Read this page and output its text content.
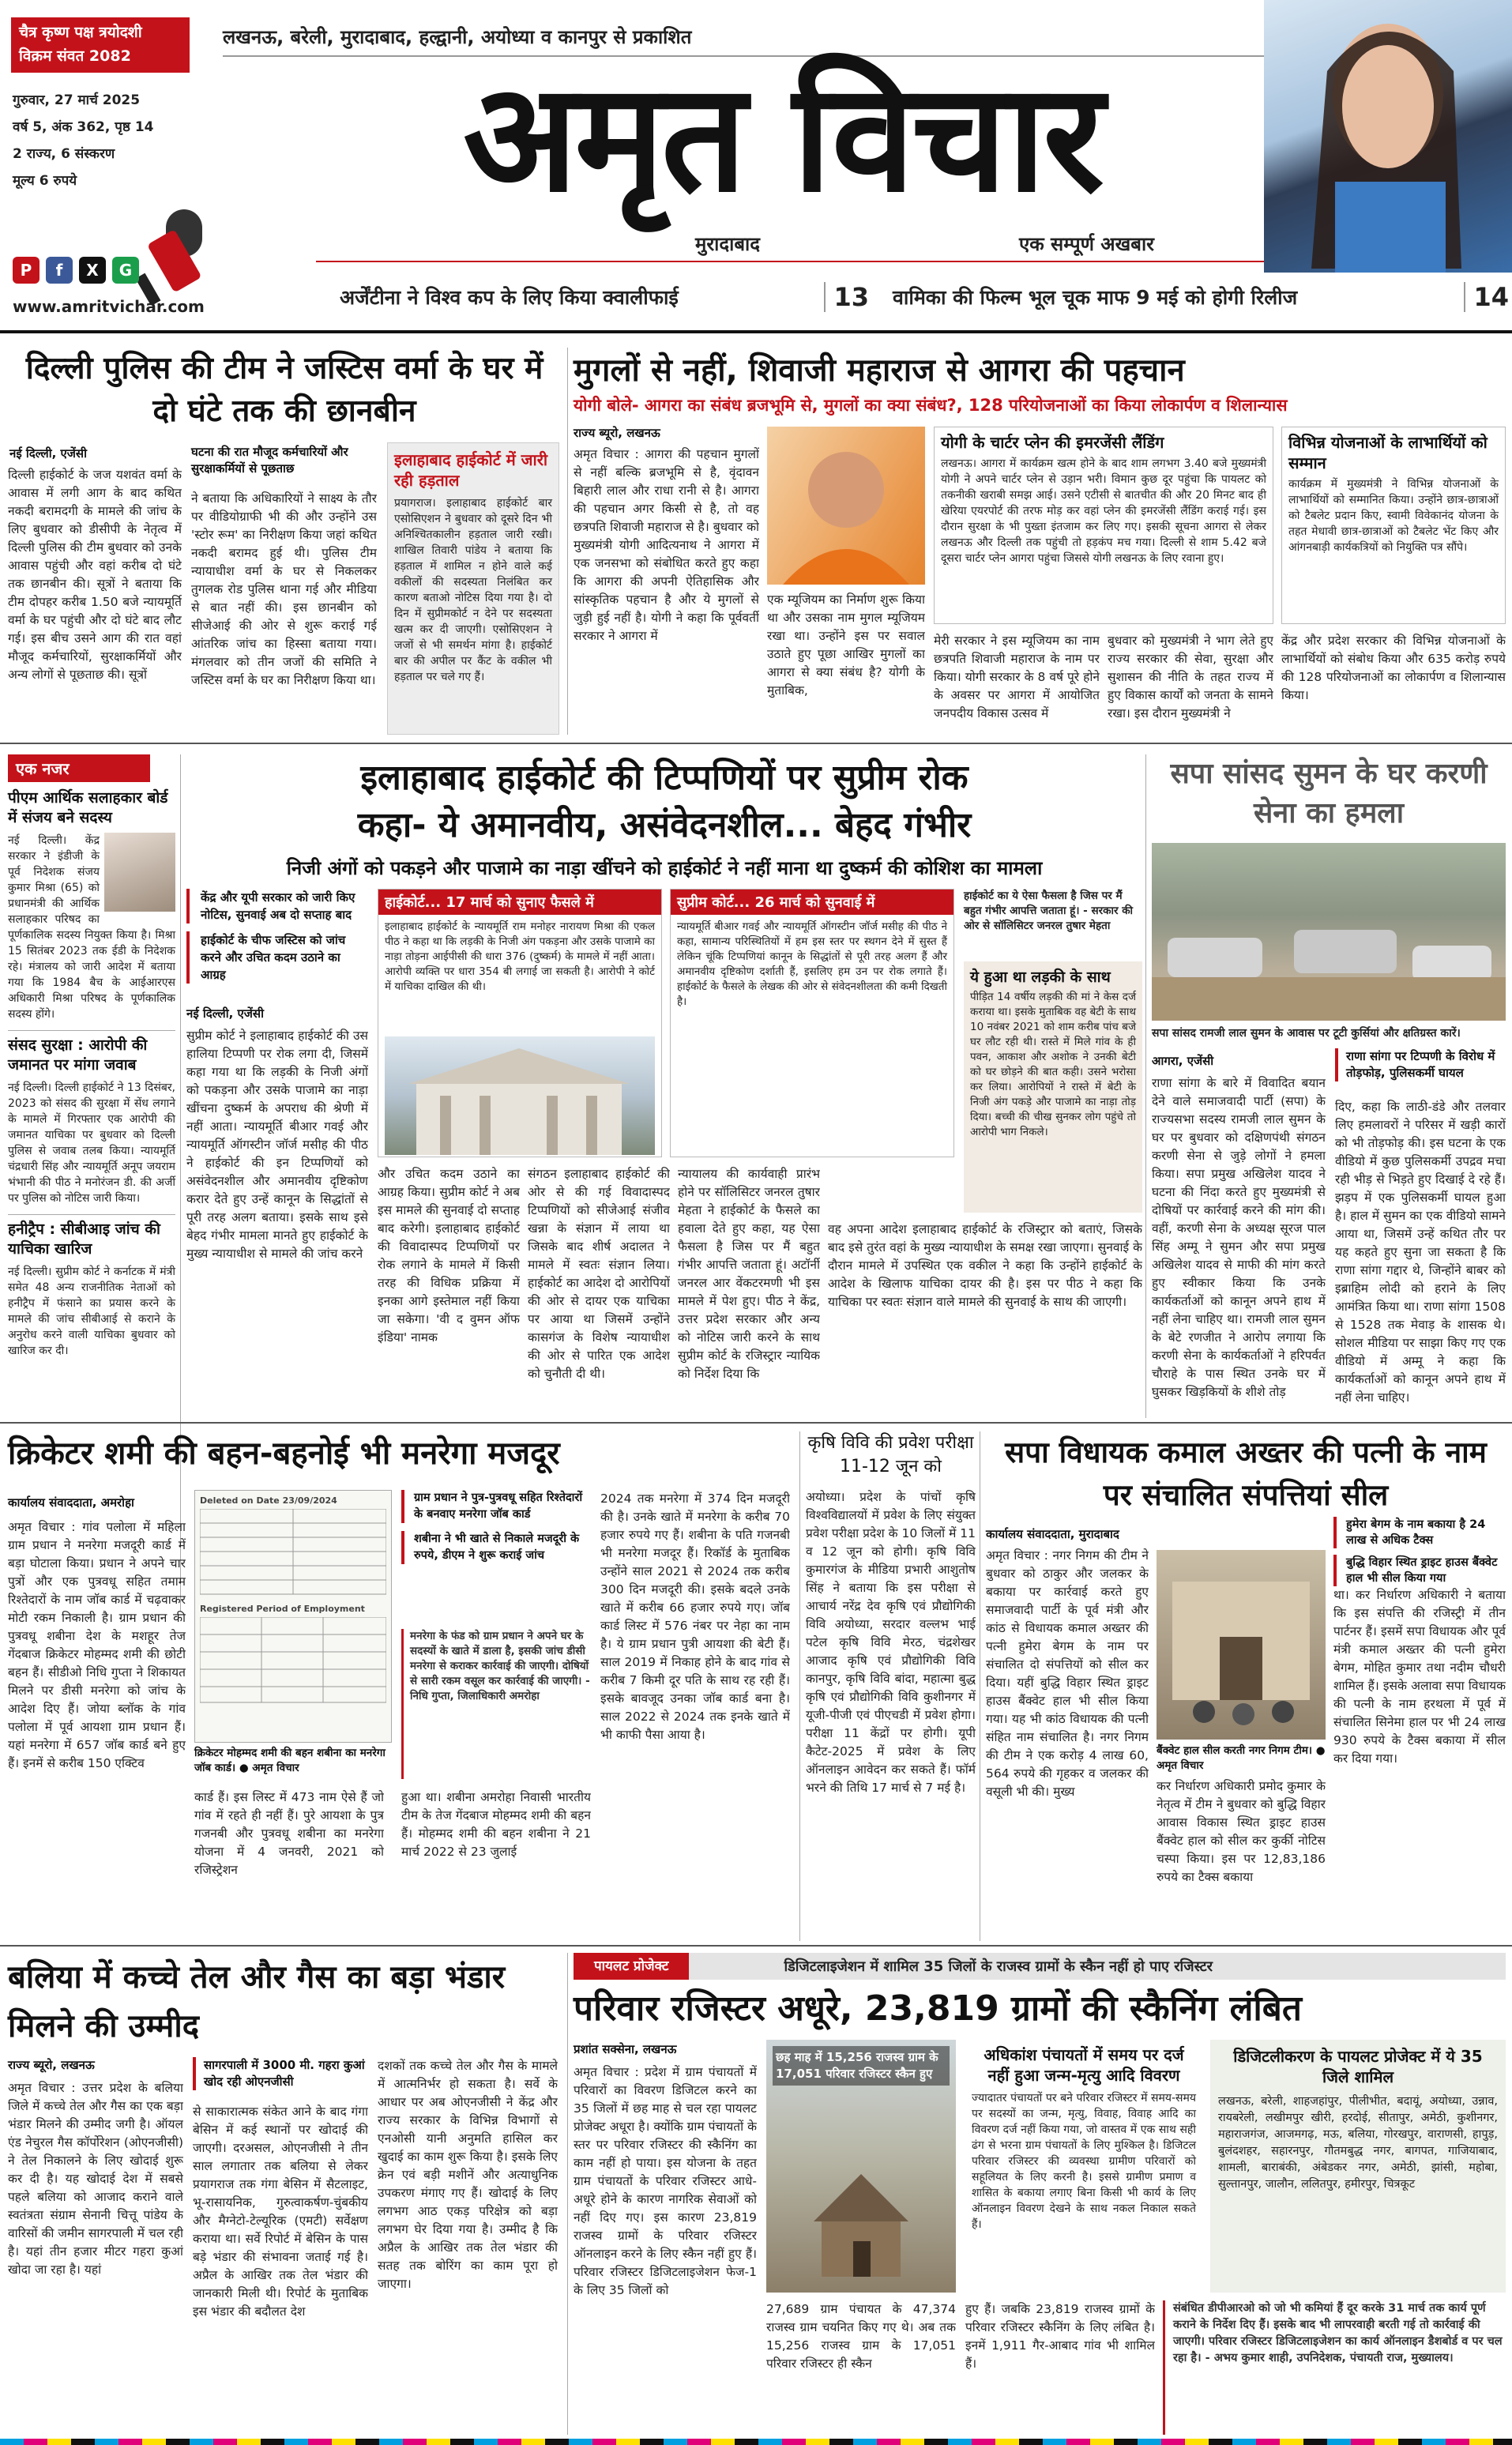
चैत्र कृष्ण पक्ष त्रयोदशी
विक्रम संवत 2082
गुरुवार, 27 मार्च 2025
वर्ष 5, अंक 362, पृष्ठ 14
2 राज्य, 6 संस्करण
मूल्य 6 रुपये
P	f	X	G
www.amritvichar.com
लखनऊ, बरेली, मुरादाबाद, हल्द्वानी, अयोध्या व कानपुर से प्रकाशित
अमृत विचार
मुरादाबाद	एक सम्पूर्ण अखबार
अर्जेंटीना ने विश्व कप के लिए किया क्वालीफाई	13 वामिका की फिल्म भूल चूक माफ 9 मई को होगी रिलीज	14
दिल्ली पुलिस की टीम ने जस्टिस वर्मा के घर में दो घंटे तक की छानबीन
नई दिल्ली, एजेंसी

दिल्ली हाईकोर्ट के जज यशवंत वर्मा के आवास में लगी आग के बाद कथित नकदी बरामदगी के मामले की जांच के लिए बुधवार को डीसीपी के नेतृत्व में दिल्ली पुलिस की टीम बुधवार को उनके आवास पहुंची और वहां करीब दो घंटे तक छानबीन की। सूत्रों ने बताया कि टीम दोपहर करीब 1.50 बजे न्यायमूर्ति वर्मा के घर पहुंची और दो घंटे बाद लौट गई। इस बीच उसने आग की रात वहां मौजूद कर्मचारियों, सुरक्षाकर्मियों और अन्य लोगों से पूछताछ की। सूत्रों

घटना की रात मौजूद कर्मचारियों और सुरक्षाकर्मियों से पूछताछ

ने बताया कि अधिकारियों ने साक्ष्य के तौर पर वीडियोग्राफी भी की और उन्होंने उस 'स्टोर रूम' का निरीक्षण किया जहां कथित नकदी बरामद हुई थी। पुलिस टीम न्यायाधीश वर्मा के घर से निकलकर तुगलक रोड पुलिस थाना गई और मीडिया से बात नहीं की। इस छानबीन को सीजेआई की ओर से शुरू कराई गई आंतरिक जांच का हिस्सा बताया गया। मंगलवार को तीन जजों की समिति ने जस्टिस वर्मा के घर का निरीक्षण किया था।

इलाहाबाद हाईकोर्ट में जारी रही हड़ताल
प्रयागराज। इलाहाबाद हाईकोर्ट बार एसोसिएशन ने बुधवार को दूसरे दिन भी अनिश्चितकालीन हड़ताल जारी रखी। शाखिल तिवारी पांडेय ने बताया कि हड़ताल में शामिल न होने वाले कई वकीलों की सदस्यता निलंबित कर कारण बताओ नोटिस दिया गया है। दो दिन में सुप्रीमकोर्ट न देने पर सदस्यता खत्म कर दी जाएगी। एसोसिएशन ने जजों से भी समर्थन मांगा है। हाईकोर्ट बार की अपील पर कैंट के वकील भी हड़ताल पर चले गए हैं।
मुगलों से नहीं, शिवाजी महाराज से आगरा की पहचान
योगी बोले- आगरा का संबंध ब्रजभूमि से, मुगलों का क्या संबंध?, 128 परियोजनाओं का किया लोकार्पण व शिलान्यास
राज्य ब्यूरो, लखनऊ

अमृत विचार : आगरा की पहचान मुगलों से नहीं बल्कि ब्रजभूमि से है, वृंदावन बिहारी लाल और राधा रानी से है। आगरा की पहचान अगर किसी से है, तो वह छत्रपति शिवाजी महाराज से है। बुधवार को मुख्यमंत्री योगी आदित्यनाथ ने आगरा में एक जनसभा को संबोधित करते हुए कहा कि आगरा की अपनी ऐतिहासिक और सांस्कृतिक पहचान है और ये मुगलों से जुड़ी हुई नहीं है। योगी ने कहा कि पूर्ववर्ती सरकार ने आगरा में

एक म्यूजियम का निर्माण शुरू किया था और उसका नाम मुगल म्यूजियम रखा था। उन्होंने इस पर सवाल उठाते हुए पूछा आखिर मुगलों का आगरा से क्या संबंध है? योगी के मुताबिक,

योगी के चार्टर प्लेन की इमरजेंसी लैंडिंग
लखनऊ। आगरा में कार्यक्रम खत्म होने के बाद शाम लगभग 3.40 बजे मुख्यमंत्री योगी ने अपने चार्टर प्लेन से उड़ान भरी। विमान कुछ दूर पहुंचा कि पायलट को तकनीकी खराबी समझ आई। उसने एटीसी से बातचीत की और 20 मिनट बाद ही खेरिया एयरपोर्ट की तरफ मोड़ कर वहां प्लेन की इमरजेंसी लैंडिंग कराई गई। इस दौरान सुरक्षा के भी पुख्ता इंतजाम कर लिए गए। इसकी सूचना आगरा से लेकर लखनऊ और दिल्ली तक पहुंची तो हड़कंप मच गया। दिल्ली से शाम 5.42 बजे दूसरा चार्टर प्लेन आगरा पहुंचा जिससे योगी लखनऊ के लिए रवाना हुए।

मेरी सरकार ने इस म्यूजियम का नाम छत्रपति शिवाजी महाराज के नाम पर किया। योगी सरकार के 8 वर्ष पूरे होने के अवसर पर आगरा में आयोजित जनपदीय विकास उत्सव में

बुधवार को मुख्यमंत्री ने भाग लेते हुए राज्य सरकार की सेवा, सुरक्षा और सुशासन की नीति के तहत राज्य में हुए विकास कार्यों को जनता के सामने रखा। इस दौरान मुख्यमंत्री ने

विभिन्न योजनाओं के लाभार्थियों को सम्मान
कार्यक्रम में मुख्यमंत्री ने विभिन्न योजनाओं के लाभार्थियों को सम्मानित किया। उन्होंने छात्र-छात्राओं को टैबलेट प्रदान किए, स्वामी विवेकानंद योजना के तहत मेधावी छात्र-छात्राओं को टैबलेट भेंट किए और आंगनबाड़ी कार्यकत्रियों को नियुक्ति पत्र सौंपे।

केंद्र और प्रदेश सरकार की विभिन्न योजनाओं के लाभार्थियों को संबोध किया और 635 करोड़ रुपये की 128 परियोजनाओं का लोकार्पण व शिलान्यास किया।

एक नजर
पीएम आर्थिक सलाहकार बोर्ड में संजय बने सदस्य
नई दिल्ली। केंद्र सरकार ने इंडीजी के पूर्व निदेशक संजय कुमार मिश्रा (65) को प्रधानमंत्री की आर्थिक सलाहकार परिषद का पूर्णकालिक सदस्य नियुक्त किया है। मिश्रा 15 सितंबर 2023 तक ईडी के निदेशक रहे। मंत्रालय को जारी आदेश में बताया गया कि 1984 बैच के आईआरएस अधिकारी मिश्रा परिषद के पूर्णकालिक सदस्य होंगे।
संसद सुरक्षा : आरोपी की जमानत पर मांगा जवाब
नई दिल्ली। दिल्ली हाईकोर्ट ने 13 दिसंबर, 2023 को संसद की सुरक्षा में सेंध लगाने के मामले में गिरफ्तार एक आरोपी की जमानत याचिका पर बुधवार को दिल्ली पुलिस से जवाब तलब किया। न्यायमूर्ति चंद्रधारी सिंह और न्यायमूर्ति अनूप जयराम भंभानी की पीठ ने मनोरंजन डी. की अर्जी पर पुलिस को नोटिस जारी किया।
हनीट्रैप : सीबीआइ जांच की याचिका खारिज
नई दिल्ली। सुप्रीम कोर्ट ने कर्नाटक में मंत्री समेत 48 अन्य राजनीतिक नेताओं को हनीट्रैप में फंसाने का प्रयास करने के मामले की जांच सीबीआई से कराने के अनुरोध करने वाली याचिका बुधवार को खारिज कर दी।
इलाहाबाद हाईकोर्ट की टिप्पणियों पर सुप्रीम रोक
कहा- ये अमानवीय, असंवेदनशील... बेहद गंभीर
निजी अंगों को पकड़ने और पाजामे का नाड़ा खींचने को हाईकोर्ट ने नहीं माना था दुष्कर्म की कोशिश का मामला
केंद्र और यूपी सरकार को जारी किए नोटिस, सुनवाई अब दो सप्ताह बाद
हाईकोर्ट के चीफ जस्टिस को जांच करने और उचित कदम उठाने का आग्रह
नई दिल्ली, एजेंसी

सुप्रीम कोर्ट ने इलाहाबाद हाईकोर्ट की उस हालिया टिप्पणी पर रोक लगा दी, जिसमें कहा गया था कि लड़की के निजी अंगों को पकड़ना और उसके पाजामे का नाड़ा खींचना दुष्कर्म के अपराध की श्रेणी में नहीं आता। न्यायमूर्ति बीआर गवई और न्यायमूर्ति ऑगस्टीन जॉर्ज मसीह की पीठ ने हाईकोर्ट की इन टिप्पणियों को असंवेदनशील और अमानवीय दृष्टिकोण करार देते हुए उन्हें कानून के सिद्धांतों से पूरी तरह अलग बताया। इसके साथ इसे बेहद गंभीर मामला मानते हुए हाईकोर्ट के मुख्य न्यायाधीश से मामले की जांच करने

हाईकोर्ट... 17 मार्च को सुनाए फैसले में
इलाहाबाद हाईकोर्ट के न्यायमूर्ति राम मनोहर नारायण मिश्रा की एकल पीठ ने कहा था कि लड़की के निजी अंग पकड़ना और उसके पाजामे का नाड़ा तोड़ना आईपीसी की धारा 376 (दुष्कर्म) के मामले में नहीं आता। आरोपी व्यक्ति पर धारा 354 बी लगाई जा सकती है। आरोपी ने कोर्ट में याचिका दाखिल की थी।
सुप्रीम कोर्ट... 26 मार्च को सुनवाई में
न्यायमूर्ति बीआर गवई और न्यायमूर्ति ऑगस्टीन जॉर्ज मसीह की पीठ ने कहा, सामान्य परिस्थितियों में हम इस स्तर पर स्थगन देने में सुस्त हैं लेकिन चूंकि टिप्पणियां कानून के सिद्धांतों से पूरी तरह अलग हैं और अमानवीय दृष्टिकोण दर्शाती हैं, इसलिए हम उन पर रोक लगाते हैं। हाईकोर्ट के फैसले के लेखक की ओर से संवेदनशीलता की कमी दिखती है।
हाईकोर्ट का ये ऐसा फैसला है जिस पर मैं बहुत गंभीर आपत्ति जताता हूं। - सरकार की ओर से सॉलिसिटर जनरल तुषार मेहता
ये हुआ था लड़की के साथ
पीड़ित 14 वर्षीय लड़की की मां ने केस दर्ज कराया था। इसके मुताबिक वह बेटी के साथ 10 नवंबर 2021 को शाम करीब पांच बजे घर लौट रही थी। रास्ते में मिले गांव के ही पवन, आकाश और अशोक ने उनकी बेटी को घर छोड़ने की बात कही। उसने भरोसा कर लिया। आरोपियों ने रास्ते में बेटी के निजी अंग पकड़े और पाजामे का नाड़ा तोड़ दिया। बच्ची की चीख सुनकर लोग पहुंचे तो आरोपी भाग निकले।

और उचित कदम उठाने का आग्रह किया। सुप्रीम कोर्ट ने अब इस मामले की सुनवाई दो सप्ताह बाद करेगी। इलाहाबाद हाईकोर्ट की विवादास्पद टिप्पणियों पर रोक लगाने के मामले में किसी तरह की विधिक प्रक्रिया में इनका आगे इस्तेमाल नहीं किया जा सकेगा। 'वी द वुमन ऑफ इंडिया' नामक

संगठन इलाहाबाद हाईकोर्ट की ओर से की गई विवादास्पद टिप्पणियों को सीजेआई संजीव खन्ना के संज्ञान में लाया था जिसके बाद शीर्ष अदालत ने मामले में स्वतः संज्ञान लिया। हाईकोर्ट का आदेश दो आरोपियों की ओर से दायर एक याचिका पर आया था जिसमें उन्होंने कासगंज के विशेष न्यायाधीश की ओर से पारित एक आदेश को चुनौती दी थी।

न्यायालय की कार्यवाही प्रारंभ होने पर सॉलिसिटर जनरल तुषार मेहता ने हाईकोर्ट के फैसले का हवाला देते हुए कहा, यह ऐसा फैसला है जिस पर मैं बहुत गंभीर आपत्ति जताता हूं। अटॉर्नी जनरल आर वेंकटरमणी भी इस मामले में पेश हुए। पीठ ने केंद्र, उत्तर प्रदेश सरकार और अन्य को नोटिस जारी करने के साथ सुप्रीम कोर्ट के रजिस्ट्रार न्यायिक को निर्देश दिया कि

वह अपना आदेश इलाहाबाद हाईकोर्ट के रजिस्ट्रार को बताएं, जिसके बाद इसे तुरंत वहां के मुख्य न्यायाधीश के समक्ष रखा जाएगा। सुनवाई के दौरान मामले में उपस्थित एक वकील ने कहा कि उन्होंने हाईकोर्ट के आदेश के खिलाफ याचिका दायर की है। इस पर पीठ ने कहा कि याचिका पर स्वतः संज्ञान वाले मामले की सुनवाई के साथ की जाएगी।

सपा सांसद सुमन के घर करणी सेना का हमला
सपा सांसद रामजी लाल सुमन के आवास पर टूटी कुर्सियां और क्षतिग्रस्त कारें।
आगरा, एजेंसी	राणा सांगा पर टिप्पणी के विरोध में तोड़फोड़, पुलिसकर्मी घायल

राणा सांगा के बारे में विवादित बयान देने वाले समाजवादी पार्टी (सपा) के राज्यसभा सदस्य रामजी लाल सुमन के घर पर बुधवार को दक्षिणपंथी संगठन करणी सेना से जुड़े लोगों ने हमला किया। सपा प्रमुख अखिलेश यादव ने घटना की निंदा करते हुए मुख्यमंत्री से दोषियों पर कार्रवाई करने की मांग की। वहीं, करणी सेना के अध्यक्ष सूरज पाल सिंह अम्मू ने सुमन और सपा प्रमुख अखिलेश यादव से माफी की मांग करते हुए स्वीकार किया कि उनके कार्यकर्ताओं को कानून अपने हाथ में नहीं लेना चाहिए था। रामजी लाल सुमन के बेटे रणजीत ने आरोप लगाया कि करणी सेना के कार्यकर्ताओं ने हरिपर्वत चौराहे के पास स्थित उनके घर में घुसकर खिड़कियों के शीशे तोड़

दिए, कहा कि लाठी-डंडे और तलवार लिए हमलावरों ने परिसर में खड़ी कारों को भी तोड़फोड़ की। इस घटना के एक वीडियो में कुछ पुलिसकर्मी उपद्रव मचा रही भीड़ से भिड़ते हुए दिखाई दे रहे हैं। झड़प में एक पुलिसकर्मी घायल हुआ है। हाल में सुमन का एक वीडियो सामने आया था, जिसमें उन्हें कथित तौर पर यह कहते हुए सुना जा सकता है कि राणा सांगा गद्दार थे, जिन्होंने बाबर को इब्राहिम लोदी को हराने के लिए आमंत्रित किया था। राणा सांगा 1508 से 1528 तक मेवाड़ के शासक थे। सोशल मीडिया पर साझा किए गए एक वीडियो में अम्मू ने कहा कि कार्यकर्ताओं को कानून अपने हाथ में नहीं लेना चाहिए।

क्रिकेटर शमी की बहन-बहनोई भी मनरेगा मजदूर
कार्यालय संवाददाता, अमरोहा

अमृत विचार : गांव पलोला में महिला ग्राम प्रधान ने मनरेगा मजदूरी कार्ड में बड़ा घोटाला किया। प्रधान ने अपने चार पुत्रों और एक पुत्रवधू सहित तमाम रिश्तेदारों के नाम जॉब कार्ड में चढ़वाकर मोटी रकम निकाली है। ग्राम प्रधान की पुत्रवधू शबीना देश के मशहूर तेज गेंदबाज क्रिकेटर मोहम्मद शमी की छोटी बहन हैं। सीडीओ निधि गुप्ता ने शिकायत मिलने पर डीसी मनरेगा को जांच के आदेश दिए हैं। जोया ब्लॉक के गांव पलोला में पूर्व आयशा ग्राम प्रधान हैं। यहां मनरेगा में 657 जॉब कार्ड बने हुए हैं। इनमें से करीब 150 एक्टिव

Deleted on Date 23/09/2024
Registered Period of Employment
क्रिकेटर मोहम्मद शमी की बहन शबीना का मनरेगा जॉब कार्ड। ● अमृत विचार
ग्राम प्रधान ने पुत्र-पुत्रवधू सहित रिश्तेदारों के बनवाए मनरेगा जॉब कार्ड
शबीना ने भी खाते से निकाले मजदूरी के रुपये, डीएम ने शुरू कराई जांच
मनरेगा के फंड को ग्राम प्रधान ने अपने घर के सदस्यों के खाते में डाला है, इसकी जांच डीसी मनरेगा से कराकर कार्रवाई की जाएगी। दोषियों से सारी रकम वसूल कर कार्रवाई की जाएगी। - निधि गुप्ता, जिलाधिकारी अमरोहा

कार्ड हैं। इस लिस्ट में 473 नाम ऐसे हैं जो गांव में रहते ही नहीं हैं। पुरे आयशा के पुत्र गजनबी और पुत्रवधू शबीना का मनरेगा योजना में 4 जनवरी, 2021 को रजिस्ट्रेशन

हुआ था। शबीना अमरोहा निवासी भारतीय टीम के तेज गेंदबाज मोहम्मद शमी की बहन हैं। मोहम्मद शमी की बहन शबीना ने 21 मार्च 2022 से 23 जुलाई

2024 तक मनरेगा में 374 दिन मजदूरी की है। उनके खाते में मनरेगा के करीब 70 हजार रुपये गए हैं। शबीना के पति गजनबी भी मनरेगा मजदूर हैं। रिकॉर्ड के मुताबिक उन्होंने साल 2021 से 2024 तक करीब 300 दिन मजदूरी की। इसके बदले उनके खाते में करीब 66 हजार रुपये गए। जॉब कार्ड लिस्ट में 576 नंबर पर नेहा का नाम है। ये ग्राम प्रधान पुत्री आयशा की बेटी हैं। साल 2019 में निकाह होने के बाद गांव से करीब 7 किमी दूर पति के साथ रह रही हैं। इसके बावजूद उनका जॉब कार्ड बना है। साल 2022 से 2024 तक इनके खाते में भी काफी पैसा आया है।

कृषि विवि की प्रवेश परीक्षा 11-12 जून को

अयोध्या। प्रदेश के पांचों कृषि विश्वविद्यालयों में प्रवेश के लिए संयुक्त प्रवेश परीक्षा प्रदेश के 10 जिलों में 11 व 12 जून को होगी। कृषि विवि कुमारगंज के मीडिया प्रभारी आशुतोष सिंह ने बताया कि इस परीक्षा से आचार्य नरेंद्र देव कृषि एवं प्रौद्योगिकी विवि अयोध्या, सरदार वल्लभ भाई पटेल कृषि विवि मेरठ, चंद्रशेखर आजाद कृषि एवं प्रौद्योगिकी विवि कानपुर, कृषि विवि बांदा, महात्मा बुद्ध कृषि एवं प्रौद्योगिकी विवि कुशीनगर में यूजी-पीजी एवं पीएचडी में प्रवेश होगा। परीक्षा 11 केंद्रों पर होगी। यूपी कैटेट-2025 में प्रवेश के लिए ऑनलाइन आवेदन कर सकते हैं। फॉर्म भरने की तिथि 17 मार्च से 7 मई है।

सपा विधायक कमाल अख्तर की पत्नी के नाम पर संचालित संपत्तियां सील
कार्यालय संवाददाता, मुरादाबाद
हुमेरा बेगम के नाम बकाया है 24 लाख से अधिक टैक्स
बुद्धि विहार स्थित ड्राइट हाउस बैंक्वेट हाल भी सील किया गया
बैंक्वेट हाल सील करती नगर निगम टीम। ● अमृत विचार

अमृत विचार : नगर निगम की टीम ने बुधवार को ठाकुर और जलकर के बकाया पर कार्रवाई करते हुए समाजवादी पार्टी के पूर्व मंत्री और कांठ से विधायक कमाल अख्तर की पत्नी हुमेरा बेगम के नाम पर संचालित दो संपत्तियों को सील कर दिया। यहीं बुद्धि विहार स्थित ड्राइट हाउस बैंक्वेट हाल भी सील किया गया। यह भी कांठ विधायक की पत्नी संहित नाम संचालित है। नगर निगम की टीम ने एक करोड़ 4 लाख 60, 564 रुपये की गृहकर व जलकर की वसूली भी की। मुख्य	कर निर्धारण अधिकारी प्रमोद कुमार के नेतृत्व में टीम ने बुधवार को बुद्धि विहार आवास विकास स्थित ड्राइट हाउस बैंक्वेट हाल को सील कर कुर्की नोटिस चस्पा किया। इस पर 12,83,186 रुपये का टैक्स बकाया

था। कर निर्धारण अधिकारी ने बताया कि इस संपत्ति की रजिस्ट्री में तीन पार्टनर हैं। इसमें सपा विधायक और पूर्व मंत्री कमाल अख्तर की पत्नी हुमेरा बेगम, मोहित कुमार तथा नदीम चौधरी शामिल हैं। इसके अलावा सपा विधायक की पत्नी के नाम हरथला में पूर्व में संचालित सिनेमा हाल पर भी 24 लाख 930 रुपये के टैक्स बकाया में सील कर दिया गया।

बलिया में कच्चे तेल और गैस का बड़ा भंडार मिलने की उम्मीद
राज्य ब्यूरो, लखनऊ

अमृत विचार : उत्तर प्रदेश के बलिया जिले में कच्चे तेल और गैस का एक बड़ा भंडार मिलने की उम्मीद जगी है। ऑयल एंड नेचुरल गैस कॉर्पोरेशन (ओएनजीसी) ने तेल निकालने के लिए खोदाई शुरू कर दी है। यह खोदाई देश में सबसे पहले बलिया को आजाद कराने वाले स्वतंत्रता संग्राम सेनानी चित्तू पांडेय के वारिसों की जमीन सागरपाली में चल रही है। यहां तीन हजार मीटर गहरा कुआं खोदा जा रहा है। यहां

सागरपाली में 3000 मी. गहरा कुआं खोद रही ओएनजीसी

से साकारात्मक संकेत आने के बाद गंगा बेसिन में कई स्थानों पर खोदाई की जाएगी। दरअसल, ओएनजीसी ने तीन साल लगातार तक बलिया से लेकर प्रयागराज तक गंगा बेसिन में सैटलाइट, भू-रासायनिक, गुरुत्वाकर्षण-चुंबकीय और मैग्नेटो-टेल्यूरिक (एमटी) सर्वेक्षण कराया था। सर्वे रिपोर्ट में बेसिन के पास बड़े भंडार की संभावना जताई गई है। अप्रैल के आखिर तक तेल भंडार की जानकारी मिली थी। रिपोर्ट के मुताबिक इस भंडार की बदौलत देश

दशकों तक कच्चे तेल और गैस के मामले में आत्मनिर्भर हो सकता है। सर्वे के आधार पर अब ओएनजीसी ने केंद्र और राज्य सरकार के विभिन्न विभागों से एनओसी यानी अनुमति हासिल कर खुदाई का काम शुरू किया है। इसके लिए क्रेन एवं बड़ी मशीनें और अत्याधुनिक उपकरण मंगाए गए हैं। खोदाई के लिए लगभग आठ एकड़ परिक्षेत्र को बड़ा लगभग घेर दिया गया है। उम्मीद है कि अप्रैल के आखिर तक तेल भंडार की सतह तक बोरिंग का काम पूरा हो जाएगा।

पायलट प्रोजेक्ट	डिजिटलाइजेशन में शामिल 35 जिलों के राजस्व ग्रामों के स्कैन नहीं हो पाए रजिस्टर
परिवार रजिस्टर अधूरे, 23,819 ग्रामों की स्कैनिंग लंबित
प्रशांत सक्सेना, लखनऊ

अमृत विचार : प्रदेश में ग्राम पंचायतों में परिवारों का विवरण डिजिटल करने का 35 जिलों में छह माह से चल रहा पायलट प्रोजेक्ट अधूरा है। क्योंकि ग्राम पंचायतों के स्तर पर परिवार रजिस्टर की स्कैनिंग का काम नहीं हो पाया। इस योजना के तहत ग्राम पंचायतों के परिवार रजिस्टर आधे-अधूरे होने के कारण नागरिक सेवाओं को नहीं दिए गए। इस कारण 23,819 राजस्व ग्रामों के परिवार रजिस्टर ऑनलाइन करने के लिए स्कैन नहीं हुए हैं। परिवार रजिस्टर डिजिटलाइजेशन फेज-1 के लिए 35 जिलों को

छह माह में 15,256 राजस्व ग्राम के 17,051 परिवार रजिस्टर स्कैन हुए

27,689 ग्राम पंचायत के 47,374 राजस्व ग्राम चयनित किए गए थे। अब तक 15,256 राजस्व ग्राम के 17,051 परिवार रजिस्टर ही स्कैन

अधिकांश पंचायतों में समय पर दर्ज नहीं हुआ जन्म-मृत्यु आदि विवरण
ज्यादातर पंचायतों पर बने परिवार रजिस्टर में समय-समय पर सदस्यों का जन्म, मृत्यु, विवाह, विवाह आदि का विवरण दर्ज नहीं किया गया, जो वास्तव में एक साथ सही ढंग से भरना ग्राम पंचायतों के लिए मुश्किल है। डिजिटल परिवार रजिस्टर की व्यवस्था ग्रामीण परिवारों को सहूलियत के लिए करनी है। इससे ग्रामीण प्रमाण व शासित के बकाया लगाए बिना किसी भी कार्य के लिए ऑनलाइन विवरण देखने के साथ नकल निकाल सकते हैं।

हुए हैं। जबकि 23,819 राजस्व ग्रामों के परिवार रजिस्टर स्कैनिंग के लिए लंबित है। इनमें 1,911 गैर-आबाद गांव भी शामिल हैं।

संबंधित डीपीआरओ को जो भी कमियां हैं दूर करके 31 मार्च तक कार्य पूर्ण कराने के निर्देश दिए हैं। इसके बाद भी लापरवाही बरती गई तो कार्रवाई की जाएगी। परिवार रजिस्टर डिजिटलाइजेशन का कार्य ऑनलाइन डैशबोर्ड व पर चल रहा है। - अभय कुमार शाही, उपनिदेशक, पंचायती राज, मुख्यालय।
डिजिटलीकरण के पायलट प्रोजेक्ट में ये 35 जिले शामिल
लखनऊ, बरेली, शाहजहांपुर, पीलीभीत, बदायूं, अयोध्या, उन्नाव, रायबरेली, लखीमपुर खीरी, हरदोई, सीतापुर, अमेठी, कुशीनगर, महाराजगंज, आजमगढ़, मऊ, बलिया, गोरखपुर, वाराणसी, हापुड़, बुलंदशहर, सहारनपुर, गौतमबुद्ध नगर, बागपत, गाजियाबाद, शामली, बाराबंकी, अंबेडकर नगर, अमेठी, झांसी, महोबा, सुल्तानपुर, जालौन, ललितपुर, हमीरपुर, चित्रकूट
